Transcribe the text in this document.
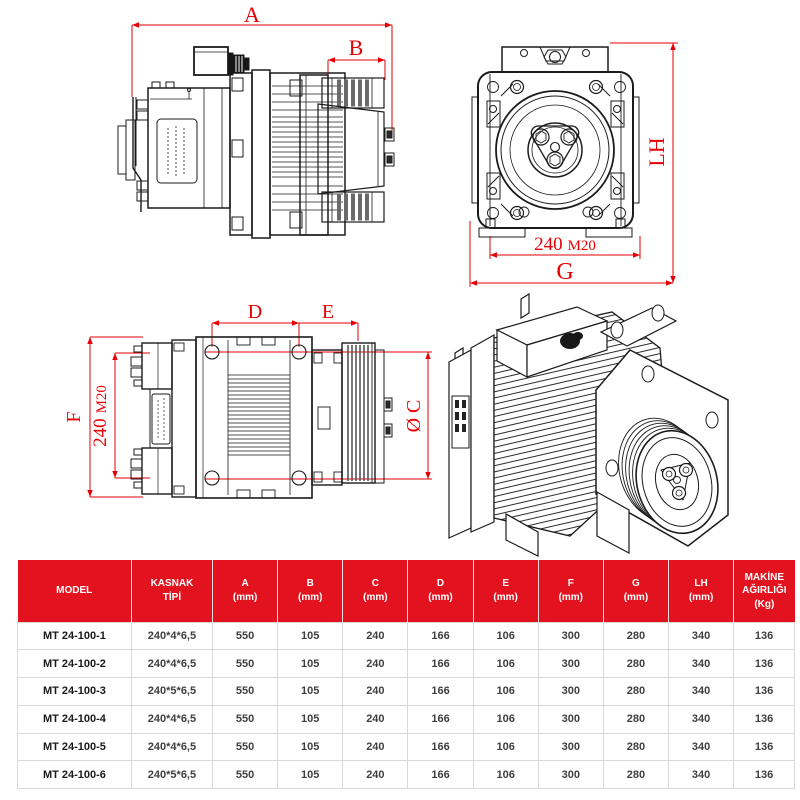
A
B
LH
240 M20
G
D	E
F
240M20
Ø C
MODEL

KASNAK
TİPİ

A
(mm)

B
(mm)

C
(mm)

D
(mm)

E
(mm)

F
(mm)

G
(mm)

LH
(mm)

MAKİNE
AĞIRLIĞI
(Kg)

MT 24-100-1	240*4*6,5	550	105	240	166	106	300	280	340	136
MT 24-100-2	240*4*6,5	550	105	240	166	106	300	280	340	136
MT 24-100-3	240*5*6,5	550	105	240	166	106	300	280	340	136
MT 24-100-4	240*4*6,5	550	105	240	166	106	300	280	340	136
MT 24-100-5	240*4*6,5	550	105	240	166	106	300	280	340	136
MT 24-100-6	240*5*6,5	550	105	240	166	106	300	280	340	136
